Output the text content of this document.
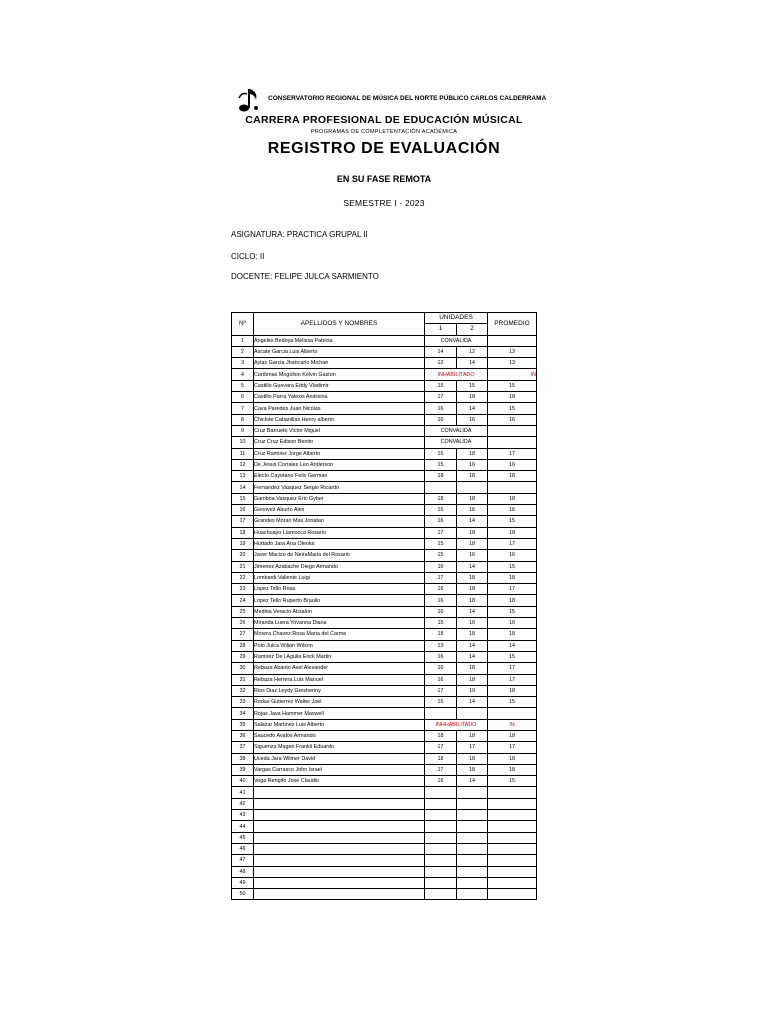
CONSERVATORIO REGIONAL DE MÚSICA DEL NORTE PÚBLICO CARLOS CALDERRAMA
CARRERA PROFESIONAL DE EDUCACIÓN MÚSICAL
PROGRAMAS DE COMPLETENTACIÓN ACADÉMICA
REGISTRO DE EVALUACIÓN
EN SU FASE REMOTA
SEMESTRE I - 2023
ASIGNATURA: PRACTICA GRUPAL II
CICLO: II
DOCENTE: FELIPE JULCA SARMIENTO
Nº	APELLIDOS Y NOMBRES	UNIDADES		PROMEDIO
		1	2	

1	Angeles Bedoya Melissa Patricia	CONVALIDA		
2	Ascate Garcia Luis Alberto	14	12	13
3	Aylas Garcia Jhancarlo Michae	12	14	13
4	Cardenas Mogollon Kelvin Gaston	INHABILITADO		IN
5	Castillo Guevara Eddy Vladimir	15	15	15
6	Castillo Parra Yalexis Andreina	17	18	18
7	Cava Paredes Juan Nicolas	16	14	15
8	Chiclote Cabanillas Henry alberto	16	16	16
9	Cruz Barrueto Victor Miguel	CONVALIDA		
10	Cruz Cruz Edison Benito	CONVALIDA		
11	Cruz Ramirez Jorge Alberto	16	18	17
12	De Jesus Corrales Leo Anderson	15	16	16
13	Electo Cayetano Felix German	18	18	18
14	Fernandez Vasquez Sergio Ricardo			
15	Gamboa Vasquez Eric Gyber	18	18	18
16	Genovez Aburto Alex	16	16	16
17	Grandes Moran Max Jonatan	16	14	15
18	Huachuayo Llamocca Rosario	17	18	18
19	Hurtado Jara Ana Olenka	15	18	17
20	Javer Macizo de NeiraMaria del Rosario	15	16	16
21	Jimenez Azabache Diego Armando	16	14	15
22	Lombardi Valiente Luigi	17	18	18
23	Lopez Tello Rosa	16	18	17
24	Lopez Tello Ruperto Braulio	16	18	18
25	Medina Veracio Absalon	16	14	15
26	Miranda Luera Yovanna Diana	15	16	16
27	Morera Chavez Rosa Maria del Carme	18	18	18
28	Polo Julca Wilian Wilson	13	14	14
29	Ramirez De l Aguila Erick Martin	16	14	15
30	Rebaza Abanto Axel Alexander	16	18	17
31	Rebaza Herrera Luis Manuel	16	18	17
32	Rios Diaz Leydy Greshenny	17	19	18
33	Rodas Gutierrez Walter Joel	16	14	15
34	Rojas Java Hammer Maxwell			
35	Salazar Martinez Luis Alberto	INHHABILITADO		IN
36	Saucedo Avalos Armando	18	18	18
37	Siguenza Magan Frankli Eduardo	17	17	17
38	Uceda Jara Wilmer David	18	18	18
39	Vargas Carrasco John Israel	17	18	18
40	Vega Rengifo Jose Claudio	16	14	15
41				
42				
43				
44				
45				
46				
47				
48				
49				
50				
